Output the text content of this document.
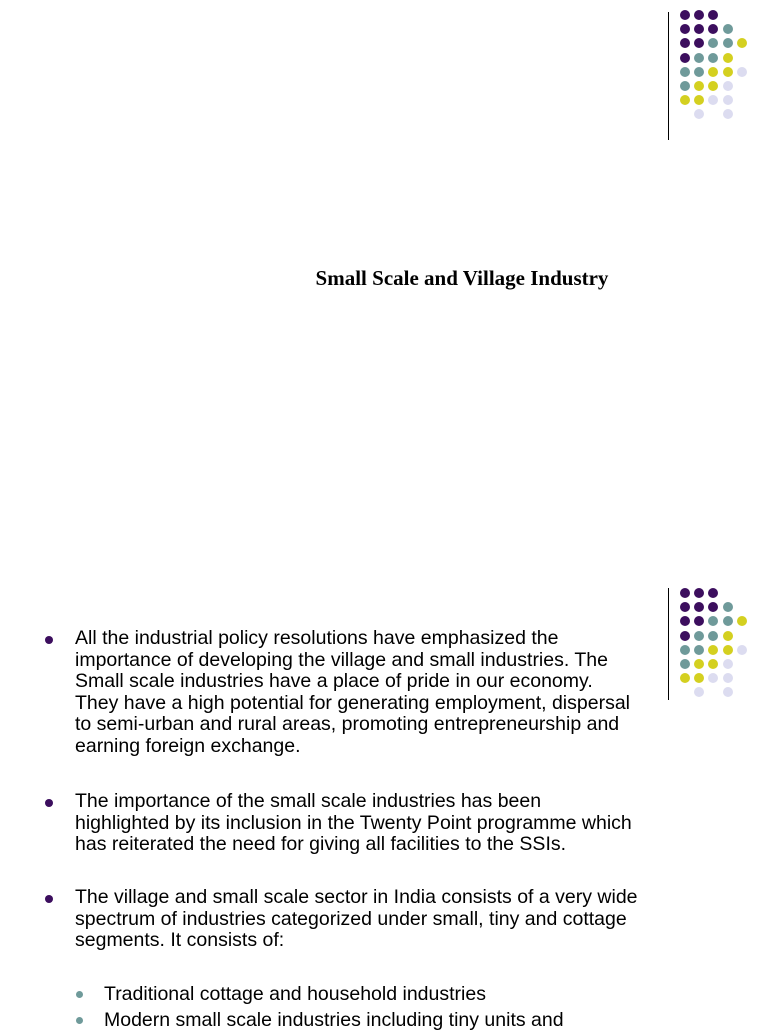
Small Scale and Village Industry
All the industrial policy resolutions have emphasized the
importance of developing the village and small industries. The
Small scale industries have a place of pride in our economy.
They have a high potential for generating employment, dispersal
to semi-urban and rural areas, promoting entrepreneurship and
earning foreign exchange.
The importance of the small scale industries has been
highlighted by its inclusion in the Twenty Point programme which
has reiterated the need for giving all facilities to the SSIs.
The village and small scale sector in India consists of a very wide
spectrum of industries categorized under small, tiny and cottage
segments. It consists of:
Traditional cottage and household industries
Modern small scale industries including tiny units and
